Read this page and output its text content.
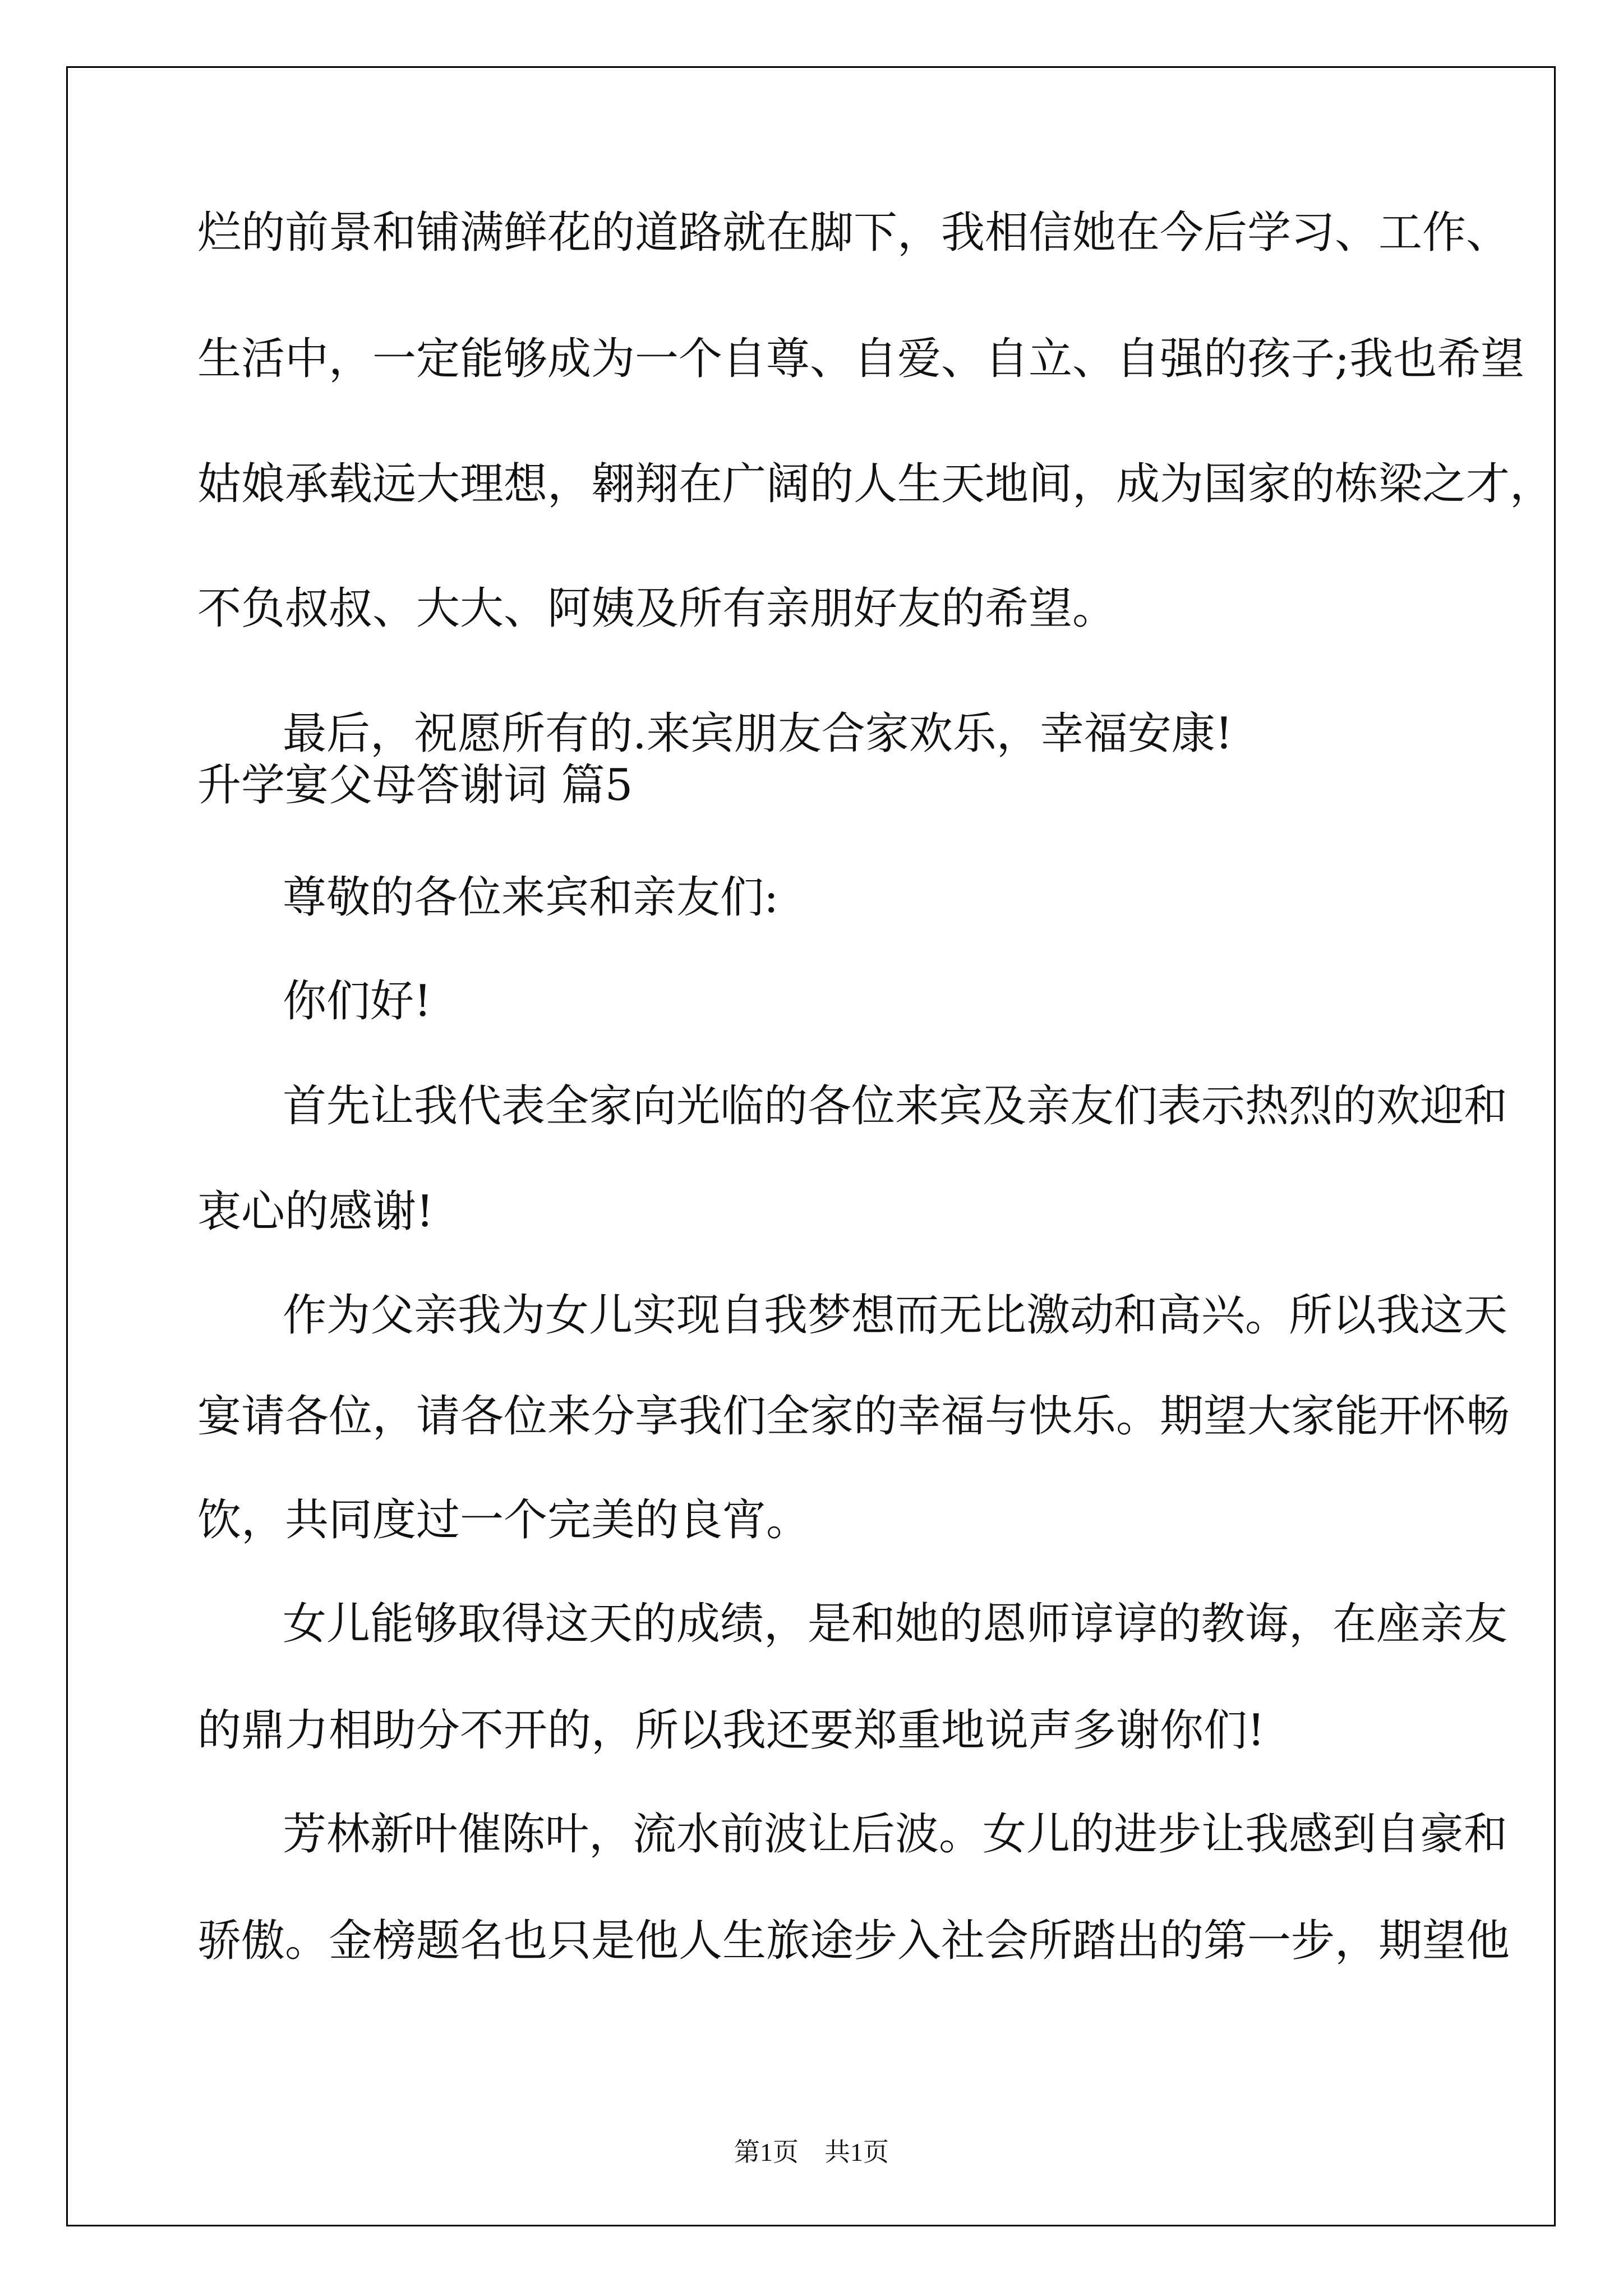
烂的前景和铺满鲜花的道路就在脚下，我相信她在今后学习、工作、

生活中，一定能够成为一个自尊、自爱、自立、自强的孩子;我也希望

姑娘承载远大理想，翱翔在广阔的人生天地间，成为国家的栋梁之才，

不负叔叔、大大、阿姨及所有亲朋好友的希望。

最后，祝愿所有的.来宾朋友合家欢乐，幸福安康!

升学宴父母答谢词 篇5

尊敬的各位来宾和亲友们:

你们好!

首先让我代表全家向光临的各位来宾及亲友们表示热烈的欢迎和

衷心的感谢!

作为父亲我为女儿实现自我梦想而无比激动和高兴。所以我这天

宴请各位，请各位来分享我们全家的幸福与快乐。期望大家能开怀畅

饮，共同度过一个完美的良宵。

女儿能够取得这天的成绩，是和她的恩师谆谆的教诲，在座亲友

的鼎力相助分不开的，所以我还要郑重地说声多谢你们!

芳林新叶催陈叶，流水前波让后波。女儿的进步让我感到自豪和

骄傲。金榜题名也只是他人生旅途步入社会所踏出的第一步，期望他

第1页　共1页
